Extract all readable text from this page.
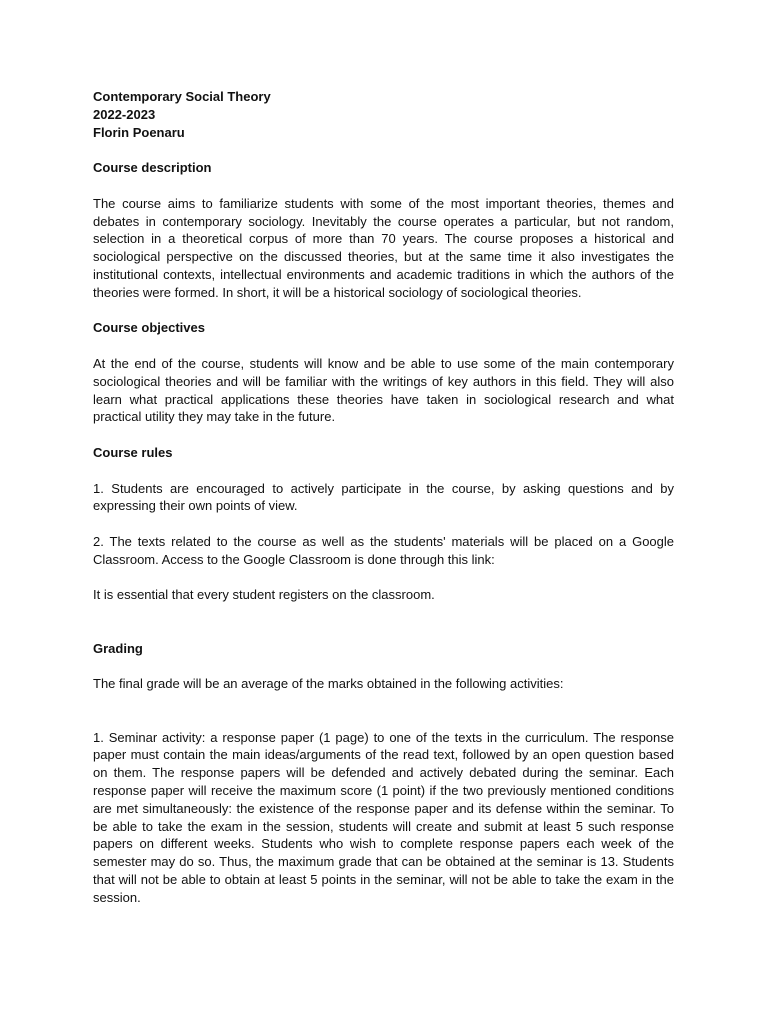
Contemporary Social Theory
2022-2023
Florin Poenaru
Course description

The course aims to familiarize students with some of the most important theories, themes and debates in contemporary sociology. Inevitably the course operates a particular, but not random, selection in a theoretical corpus of more than 70 years. The course proposes a historical and sociological perspective on the discussed theories, but at the same time it also investigates the institutional contexts, intellectual environments and academic traditions in which the authors of the theories were formed. In short, it will be a historical sociology of sociological theories.

Course objectives

At the end of the course, students will know and be able to use some of the main contemporary sociological theories and will be familiar with the writings of key authors in this field. They will also learn what practical applications these theories have taken in sociological research and what practical utility they may take in the future.

Course rules

1. Students are encouraged to actively participate in the course, by asking questions and by expressing their own points of view.

2. The texts related to the course as well as the students' materials will be placed on a Google Classroom. Access to the Google Classroom is done through this link:

It is essential that every student registers on the classroom.

Grading

The final grade will be an average of the marks obtained in the following activities:

1. Seminar activity: a response paper (1 page) to one of the texts in the curriculum. The response paper must contain the main ideas/arguments of the read text, followed by an open question based on them. The response papers will be defended and actively debated during the seminar. Each response paper will receive the maximum score (1 point) if the two previously mentioned conditions are met simultaneously: the existence of the response paper and its defense within the seminar. To be able to take the exam in the session, students will create and submit at least 5 such response papers on different weeks. Students who wish to complete response papers each week of the semester may do so. Thus, the maximum grade that can be obtained at the seminar is 13. Students that will not be able to obtain at least 5 points in the seminar, will not be able to take the exam in the session.
